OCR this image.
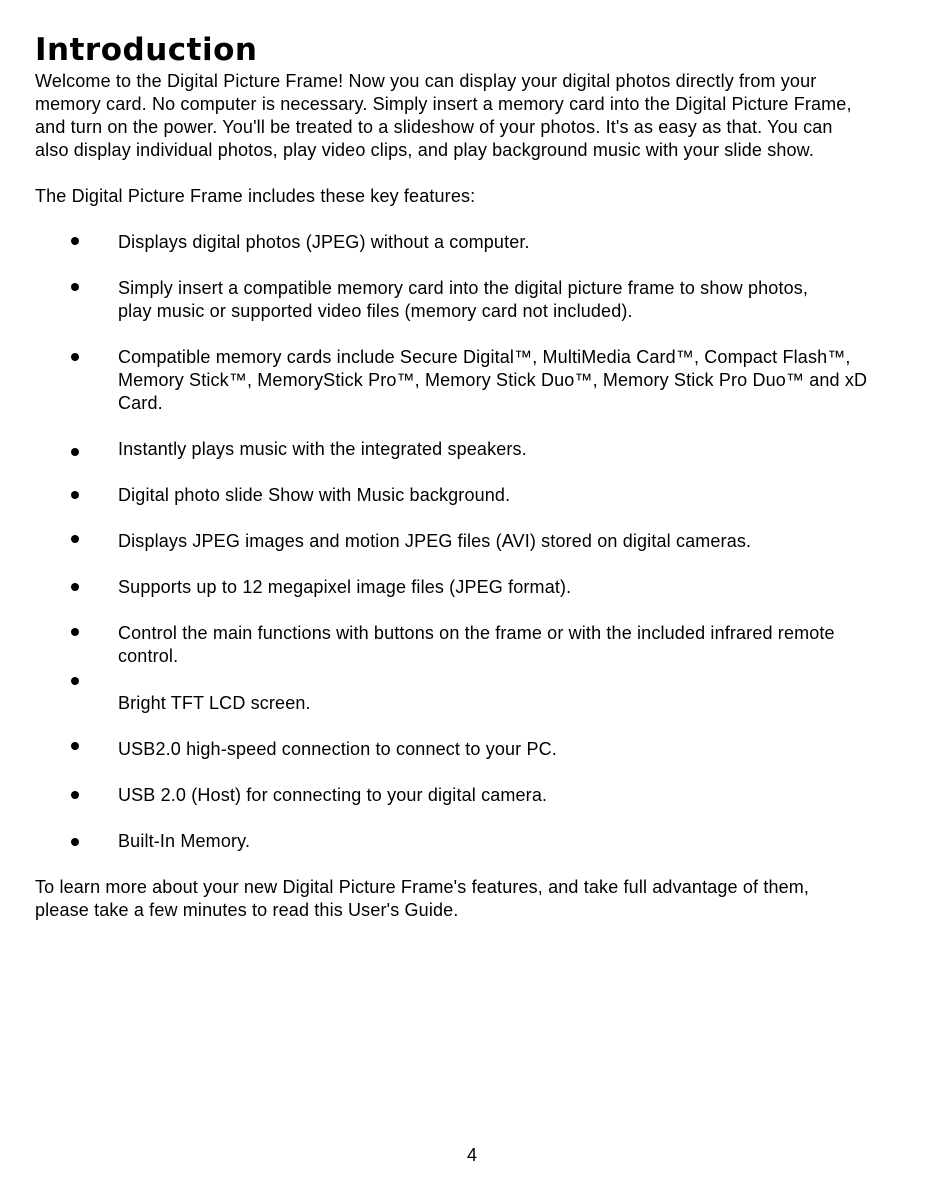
Introduction

Welcome to the Digital Picture Frame! Now you can display your digital photos directly from your
memory card. No computer is necessary. Simply insert a memory card into the Digital Picture Frame,
and turn on the power. You'll be treated to a slideshow of your photos. It's as easy as that. You can
also display individual photos, play video clips, and play background music with your slide show.

The Digital Picture Frame includes these key features:

Displays digital photos (JPEG) without a computer.

Simply insert a compatible memory card into the digital picture frame to show photos,
play music or supported video files (memory card not included).

Compatible memory cards include Secure Digital™, MultiMedia Card™, Compact Flash™,
Memory Stick™, MemoryStick Pro™, Memory Stick Duo™, Memory Stick Pro Duo™ and xD
Card.

Instantly plays music with the integrated speakers.

Digital photo slide Show with Music background.

Displays JPEG images and motion JPEG files (AVI) stored on digital cameras.

Supports up to 12 megapixel image files (JPEG format).

Control the main functions with buttons on the frame or with the included infrared remote
control.

Bright TFT LCD screen.

USB2.0 high-speed connection to connect to your PC.

USB 2.0 (Host) for connecting to your digital camera.

Built-In Memory.

To learn more about your new Digital Picture Frame's features, and take full advantage of them,
please take a few minutes to read this User's Guide.

4
